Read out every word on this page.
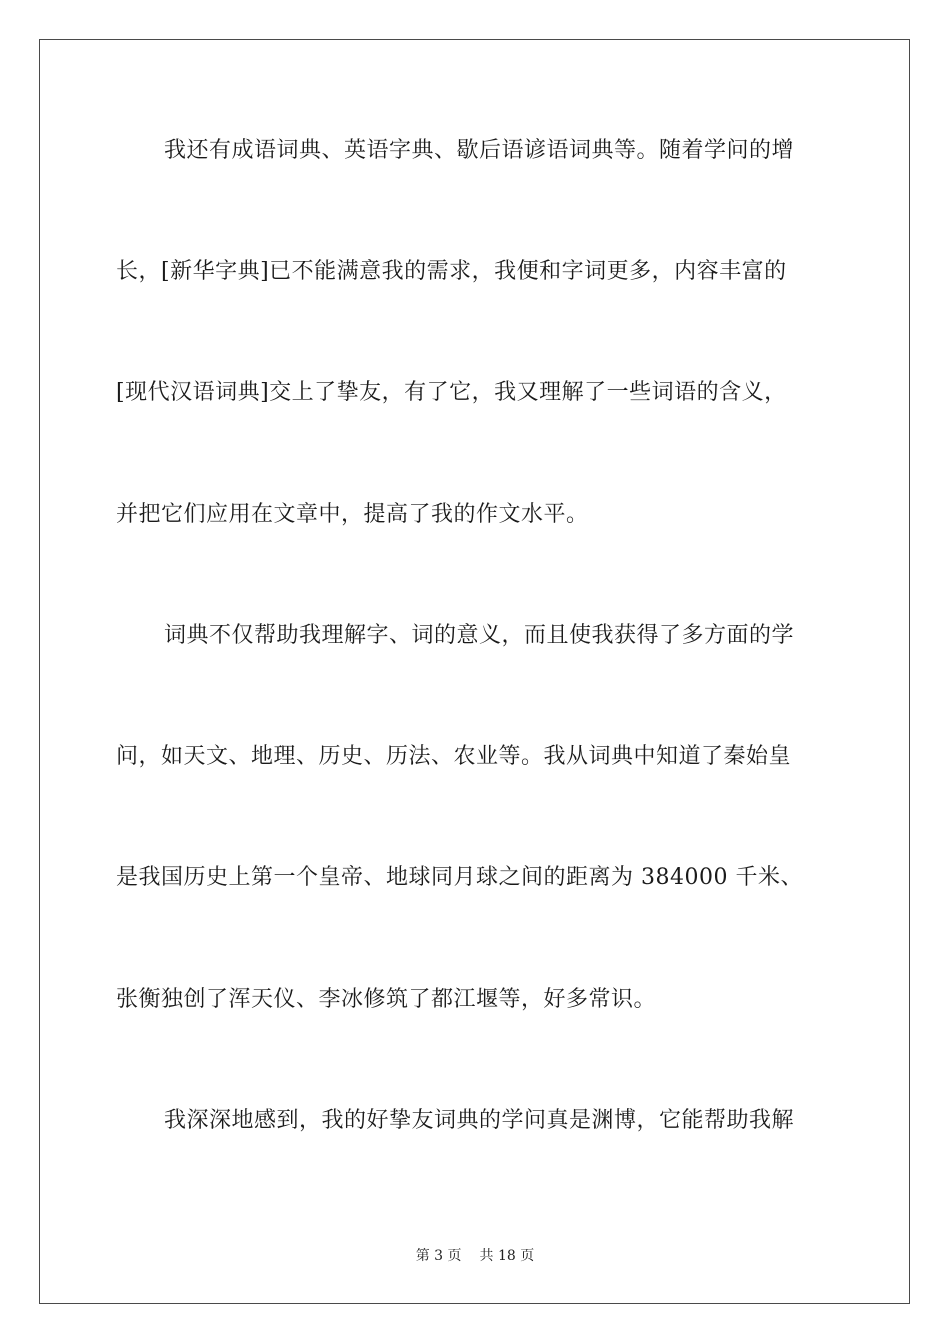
我还有成语词典、英语字典、歇后语谚语词典等。随着学问的增
长，[新华字典]已不能满意我的需求，我便和字词更多，内容丰富的
[现代汉语词典]交上了挚友，有了它，我又理解了一些词语的含义，
并把它们应用在文章中，提高了我的作文水平。
词典不仅帮助我理解字、词的意义，而且使我获得了多方面的学
问，如天文、地理、历史、历法、农业等。我从词典中知道了秦始皇
是我国历史上第一个皇帝、地球同月球之间的距离为 384000 千米、
张衡独创了浑天仪、李冰修筑了都江堰等，好多常识。
我深深地感到，我的好挚友词典的学问真是渊博，它能帮助我解
第 3 页 共 18 页
